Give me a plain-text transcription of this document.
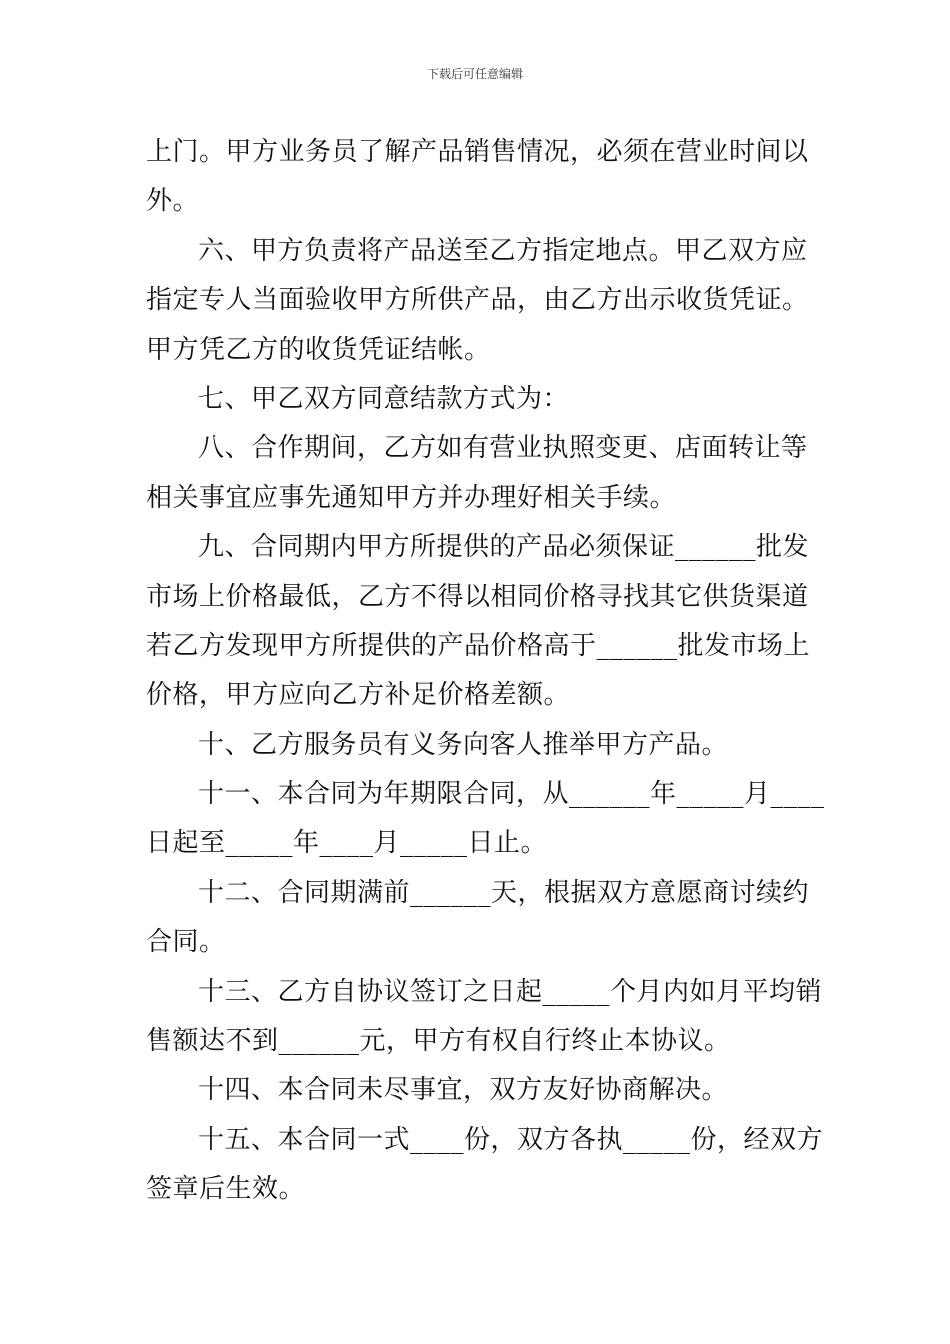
下载后可任意编辑
上门。甲方业务员了解产品销售情况，必须在营业时间以
外。
六、甲方负责将产品送至乙方指定地点。甲乙双方应
指定专人当面验收甲方所供产品，由乙方出示收货凭证。
甲方凭乙方的收货凭证结帐。
七、甲乙双方同意结款方式为：
八、合作期间，乙方如有营业执照变更、店面转让等
相关事宜应事先通知甲方并办理好相关手续。
九、合同期内甲方所提供的产品必须保证______批发
市场上价格最低，乙方不得以相同价格寻找其它供货渠道
若乙方发现甲方所提供的产品价格高于______批发市场上
价格，甲方应向乙方补足价格差额。
十、乙方服务员有义务向客人推举甲方产品。
十一、本合同为年期限合同，从______年_____月____
日起至_____年____月_____日止。
十二、合同期满前______天，根据双方意愿商讨续约
合同。
十三、乙方自协议签订之日起_____个月内如月平均销
售额达不到______元，甲方有权自行终止本协议。
十四、本合同未尽事宜，双方友好协商解决。
十五、本合同一式____份，双方各执_____份，经双方
签章后生效。
